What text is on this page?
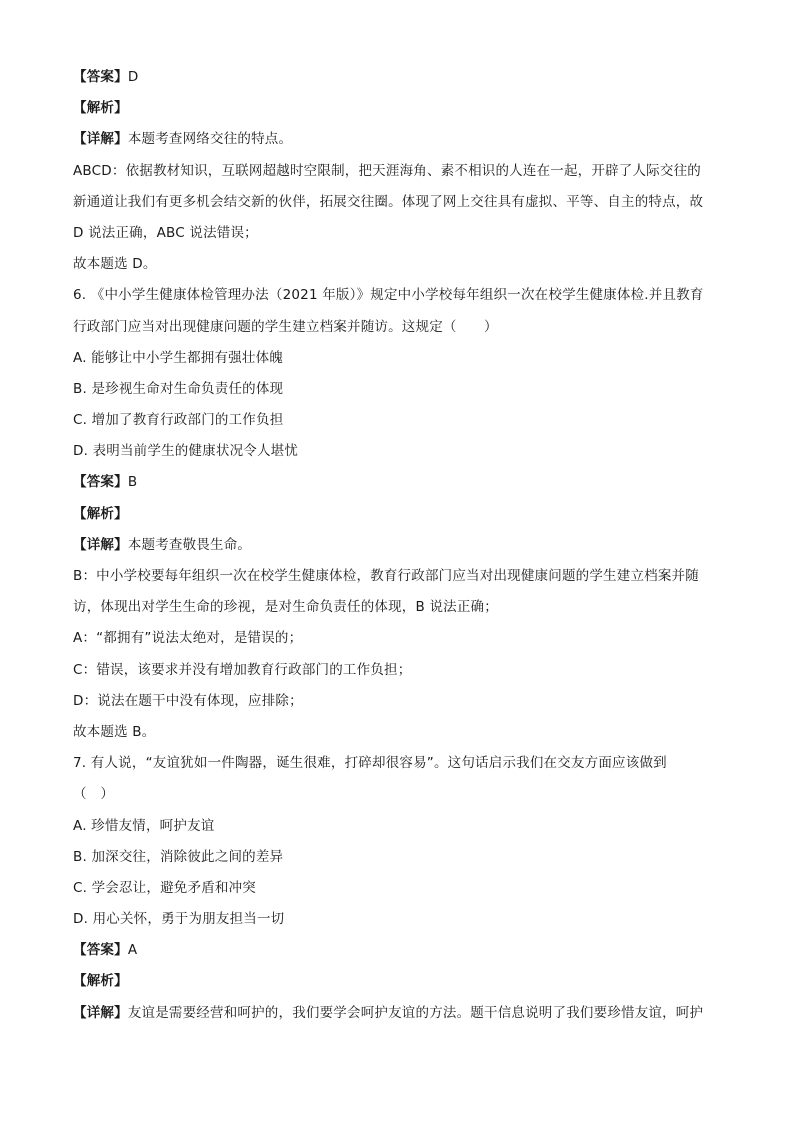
【答案】D
【解析】
【详解】本题考查网络交往的特点。
ABCD：依据教材知识，互联网超越时空限制，把天涯海角、素不相识的人连在一起，开辟了人际交往的
新通道让我们有更多机会结交新的伙伴，拓展交往圈。体现了网上交往具有虚拟、平等、自主的特点，故
D 说法正确，ABC 说法错误；
故本题选 D。
6. 《中小学生健康体检管理办法（2021 年版）》规定中小学校每年组织一次在校学生健康体检.并且教育
行政部门应当对出现健康问题的学生建立档案并随访。这规定（　　）
A. 能够让中小学生都拥有强壮体魄
B. 是珍视生命对生命负责任的体现
C. 增加了教育行政部门的工作负担
D. 表明当前学生的健康状况令人堪忧
【答案】B
【解析】
【详解】本题考查敬畏生命。
B：中小学校要每年组织一次在校学生健康体检，教育行政部门应当对出现健康问题的学生建立档案并随
访，体现出对学生生命的珍视，是对生命负责任的体现，B 说法正确；
A：“都拥有”说法太绝对，是错误的；
C：错误，该要求并没有增加教育行政部门的工作负担；
D：说法在题干中没有体现，应排除；
故本题选 B。
7. 有人说，“友谊犹如一件陶器，诞生很难，打碎却很容易”。这句话启示我们在交友方面应该做到
（　）
A. 珍惜友情，呵护友谊
B. 加深交往，消除彼此之间的差异
C. 学会忍让，避免矛盾和冲突
D. 用心关怀，勇于为朋友担当一切
【答案】A
【解析】
【详解】友谊是需要经营和呵护的，我们要学会呵护友谊的方法。题干信息说明了我们要珍惜友谊，呵护
